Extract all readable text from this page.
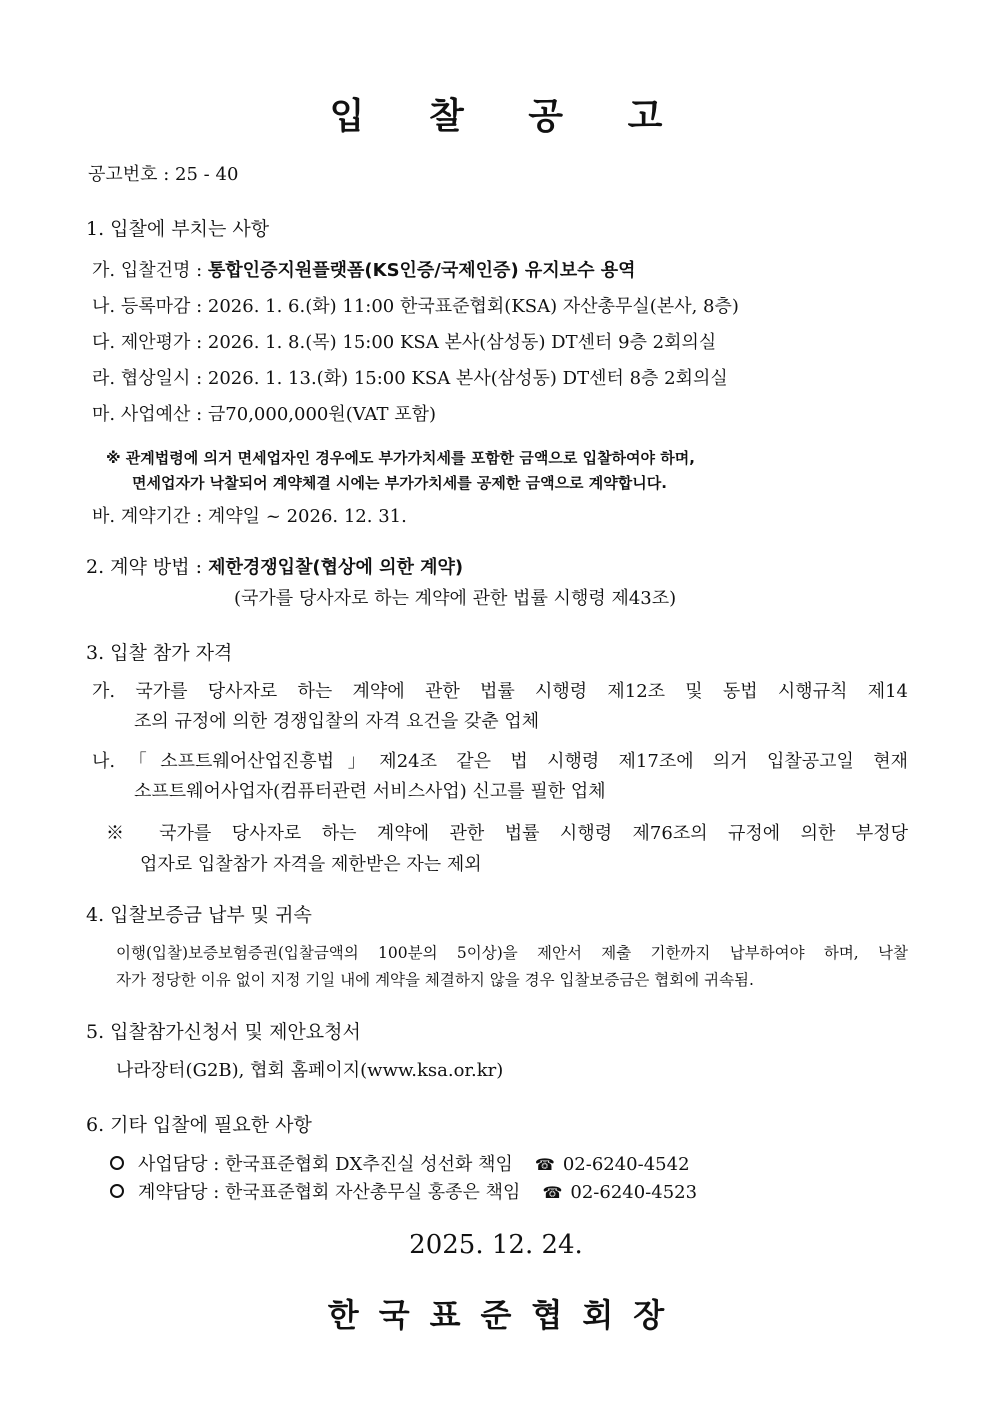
입 찰 공 고
공고번호 : 25 - 40
1. 입찰에 부치는 사항
가. 입찰건명 : 통합인증지원플랫폼(KS인증/국제인증) 유지보수 용역
나. 등록마감 : 2026. 1. 6.(화) 11:00 한국표준협회(KSA) 자산총무실(본사, 8층)
다. 제안평가 : 2026. 1. 8.(목) 15:00 KSA 본사(삼성동) DT센터 9층 2회의실
라. 협상일시 : 2026. 1. 13.(화) 15:00 KSA 본사(삼성동) DT센터 8층 2회의실
마. 사업예산 : 금70,000,000원(VAT 포함)
※ 관계법령에 의거 면세업자인 경우에도 부가가치세를 포함한 금액으로 입찰하여야 하며,
면세업자가 낙찰되어 계약체결 시에는 부가가치세를 공제한 금액으로 계약합니다.
바. 계약기간 : 계약일 ~ 2026. 12. 31.
2. 계약 방법 : 제한경쟁입찰(협상에 의한 계약)
(국가를 당사자로 하는 계약에 관한 법률 시행령 제43조)
3. 입찰 참가 자격
가. 국가를 당사자로 하는 계약에 관한 법률 시행령 제12조 및 동법 시행규칙 제14
조의 규정에 의한 경쟁입찰의 자격 요건을 갖춘 업체
나.「소프트웨어산업진흥법」제24조 같은 법 시행령 제17조에 의거 입찰공고일 현재
소프트웨어사업자(컴퓨터관련 서비스사업) 신고를 필한 업체
※ 국가를 당사자로 하는 계약에 관한 법률 시행령 제76조의 규정에 의한 부정당
업자로 입찰참가 자격을 제한받은 자는 제외
4. 입찰보증금 납부 및 귀속
이행(입찰)보증보험증권(입찰금액의 100분의 5이상)을 제안서 제출 기한까지 납부하여야 하며, 낙찰
자가 정당한 이유 없이 지정 기일 내에 계약을 체결하지 않을 경우 입찰보증금은 협회에 귀속됨.
5. 입찰참가신청서 및 제안요청서
나라장터(G2B), 협회 홈페이지(www.ksa.or.kr)
6. 기타 입찰에 필요한 사항
사업담당 : 한국표준협회 DX추진실 성선화 책임 ☎ 02-6240-4542
계약담당 : 한국표준협회 자산총무실 홍종은 책임 ☎ 02-6240-4523
2025. 12. 24.
한국표준협회장
